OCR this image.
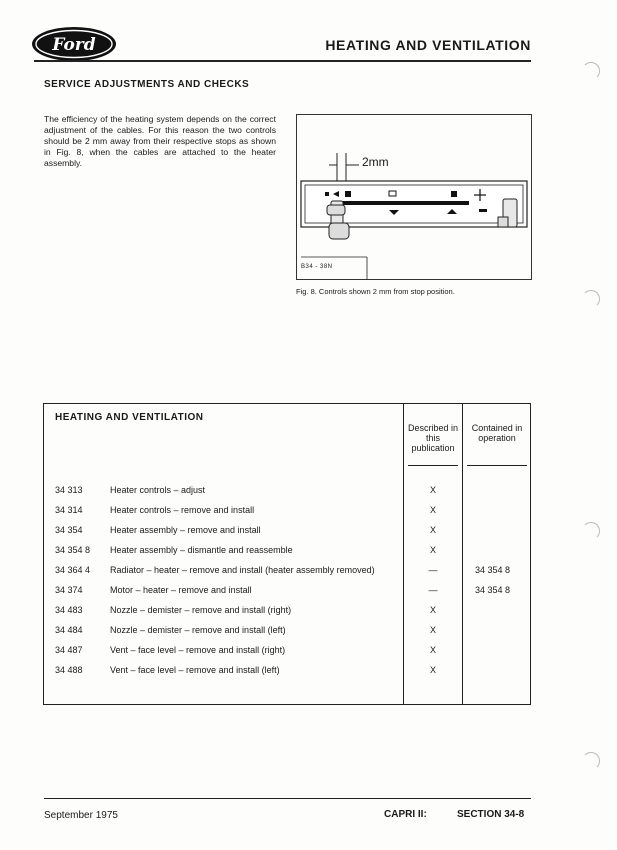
Ford	HEATING AND VENTILATION
SERVICE ADJUSTMENTS AND CHECKS

The efficiency of the heating system depends on the correct adjustment of the cables. For this reason the two controls should be 2 mm away from their respective stops as shown in Fig. 8, when the cables are attached to the heater assembly.	2mm
B34 - 38N
Fig. 8. Controls shown 2 mm from stop position.
HEATING AND VENTILATION
Described in this publication
Contained in operation
34 313	Heater controls – adjust	X
34 314	Heater controls – remove and install	X
34 354	Heater assembly – remove and install	X
34 354 8 Heater assembly – dismantle and reassemble	X
34 364 4 Radiator – heater – remove and install (heater assembly removed)	—	34 354 8
34 374	Motor – heater – remove and install	—	34 354 8
34 483	Nozzle – demister – remove and install (right)	X
34 484	Nozzle – demister – remove and install (left)	X
34 487	Vent – face level – remove and install (right)	X
34 488	Vent – face level – remove and install (left)	X
September 1975	CAPRI II:	SECTION 34-8
